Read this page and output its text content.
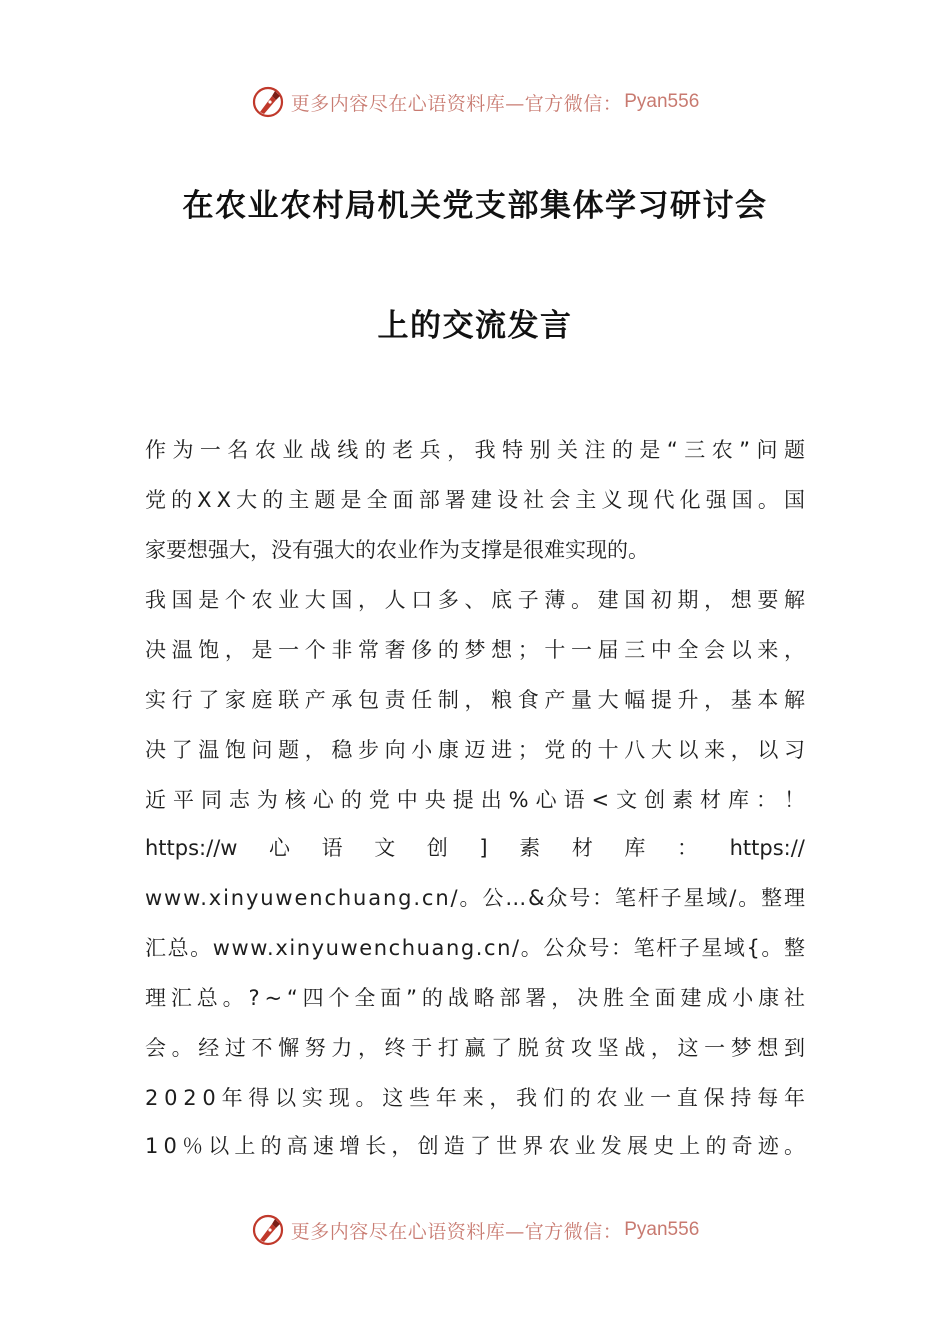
更多内容尽在心语资料库—官方微信： Pyan556
在农业农村局机关党支部集体学习研讨会
上的交流发言
作为一名农业战线的老兵，我特别关注的是“三农”问题
党的XX大的主题是全面部署建设社会主义现代化强国。国
家要想强大，没有强大的农业作为支撑是很难实现的。
我国是个农业大国，人口多、底子薄。建国初期，想要解
决温饱，是一个非常奢侈的梦想；十一届三中全会以来，
实行了家庭联产承包责任制，粮食产量大幅提升，基本解
决了温饱问题，稳步向小康迈进；党的十八大以来，以习
近平同志为核心的党中央提出%心语<文创素材库：！
https://w 心 语 文 创 ] 素 材 库 ： https://
www.xinyuwenchuang.cn/。公…&众号：笔杆子星域/。整理
汇总。www.xinyuwenchuang.cn/。公众号：笔杆子星域{。整
理汇总。?~“四个全面”的战略部署，决胜全面建成小康社
会。经过不懈努力，终于打赢了脱贫攻坚战，这一梦想到
2020年得以实现。这些年来，我们的农业一直保持每年
10％以上的高速增长，创造了世界农业发展史上的奇迹。
更多内容尽在心语资料库—官方微信： Pyan556
